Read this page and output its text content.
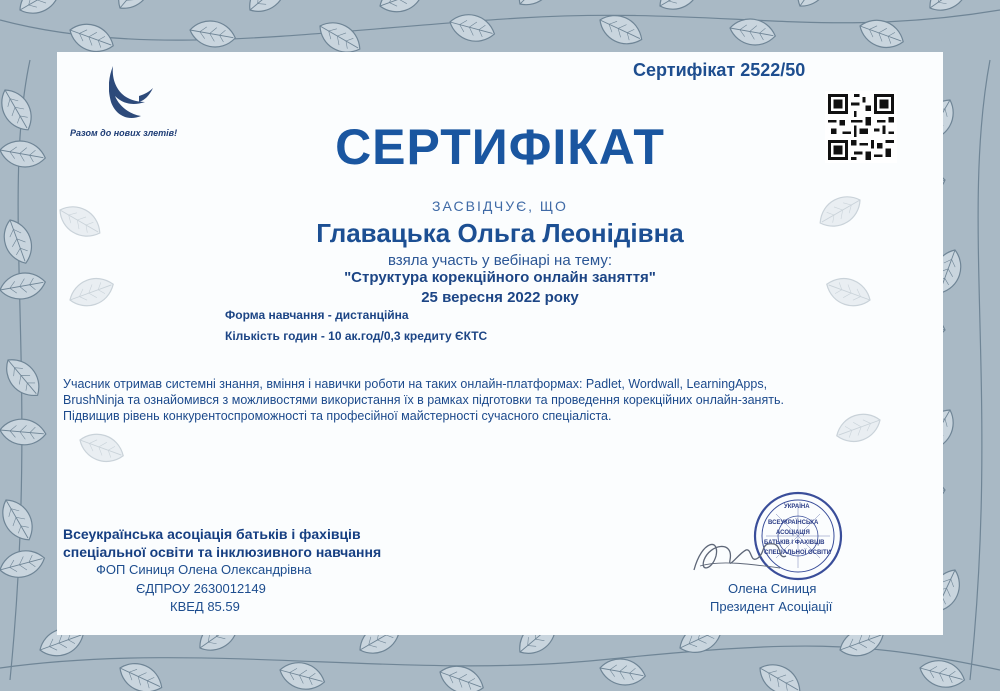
Разом до нових злетів!
Сертифікат 2522/50
СЕРТИФІКАТ
ЗАСВІДЧУЄ, ЩО
Главацька Ольга Леонідівна
взяла участь у вебінарі на тему:
"Структура корекційного онлайн заняття"
25 вересня 2022 року
Форма навчання - дистанційна
Кількість годин - 10 ак.год/0,3 кредиту ЄКТС
Учасник отримав системні знання, вміння і навички роботи на таких онлайн-платформах: Padlet, Wordwall, LearningApps,
BrushNinja та ознайомився з можливостями використання їх в рамках підготовки та проведення корекційних онлайн-занять.
Підвищив рівень конкурентоспроможності та професійної майстерності сучасного спеціаліста.
Всеукраїнська асоціація батьків і фахівців
спеціальної освіти та інклюзивного навчання
ФОП Синиця Олена Олександрівна
ЄДПРОУ 2630012149
КВЕД 85.59
УКРАЇНА
ВСЕУКРАЇНСЬКА
АСОЦІАЦІЯ
БАТЬКІВ І ФАХІВЦІВ
СПЕЦІАЛЬНОЇ ОСВІТИ
Олена Синиця
Президент Асоціації
